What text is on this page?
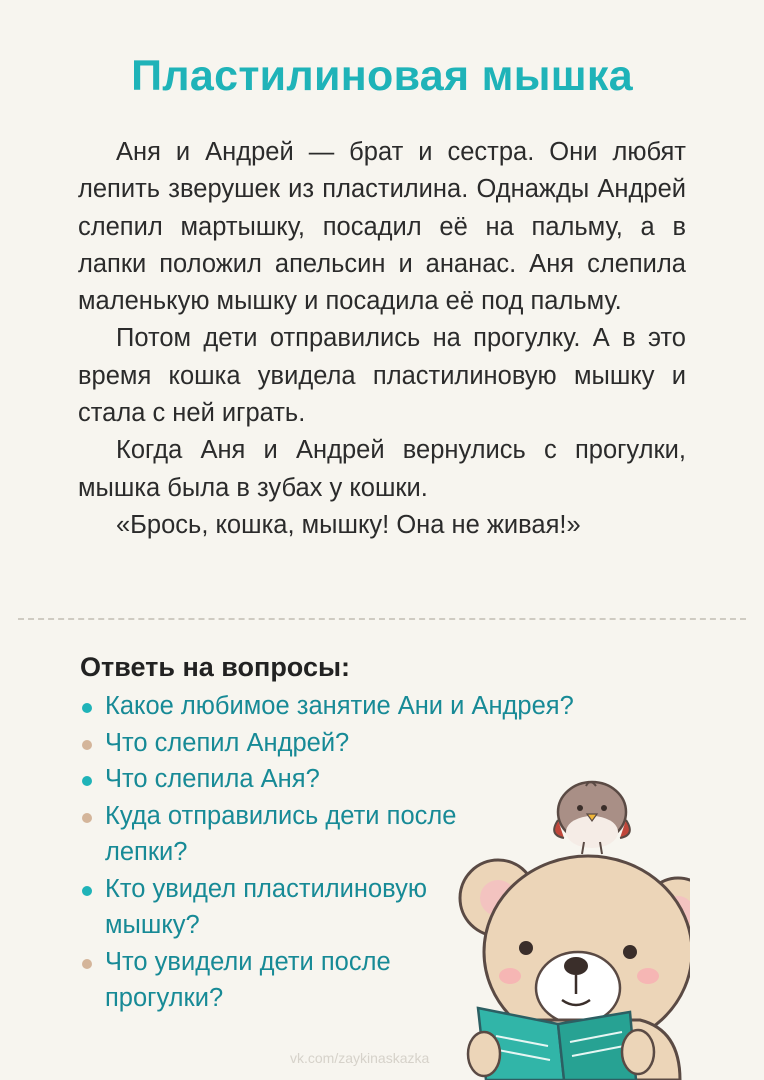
Пластилиновая мышка

Аня и Андрей — брат и сестра. Они любят лепить зверушек из пластилина. Однажды Андрей слепил мартышку, посадил её на пальму, а в лапки положил апельсин и ананас. Аня слепила маленькую мышку и посадила её под пальму.

Потом дети отправились на прогулку. А в это время кошка увидела пластилиновую мышку и стала с ней играть.

Когда Аня и Андрей вернулись с прогулки, мышка была в зубах у кошки.

«Брось, кошка, мышку! Она не живая!»

Ответь на вопросы:
Какое любимое занятие Ани и Андрея?
Что слепил Андрей?
Что слепила Аня?
Куда отправились дети после лепки?
Кто увидел пластилиновую мышку?
Что увидели дети после прогулки?
vk.com/zaykinaskazka
